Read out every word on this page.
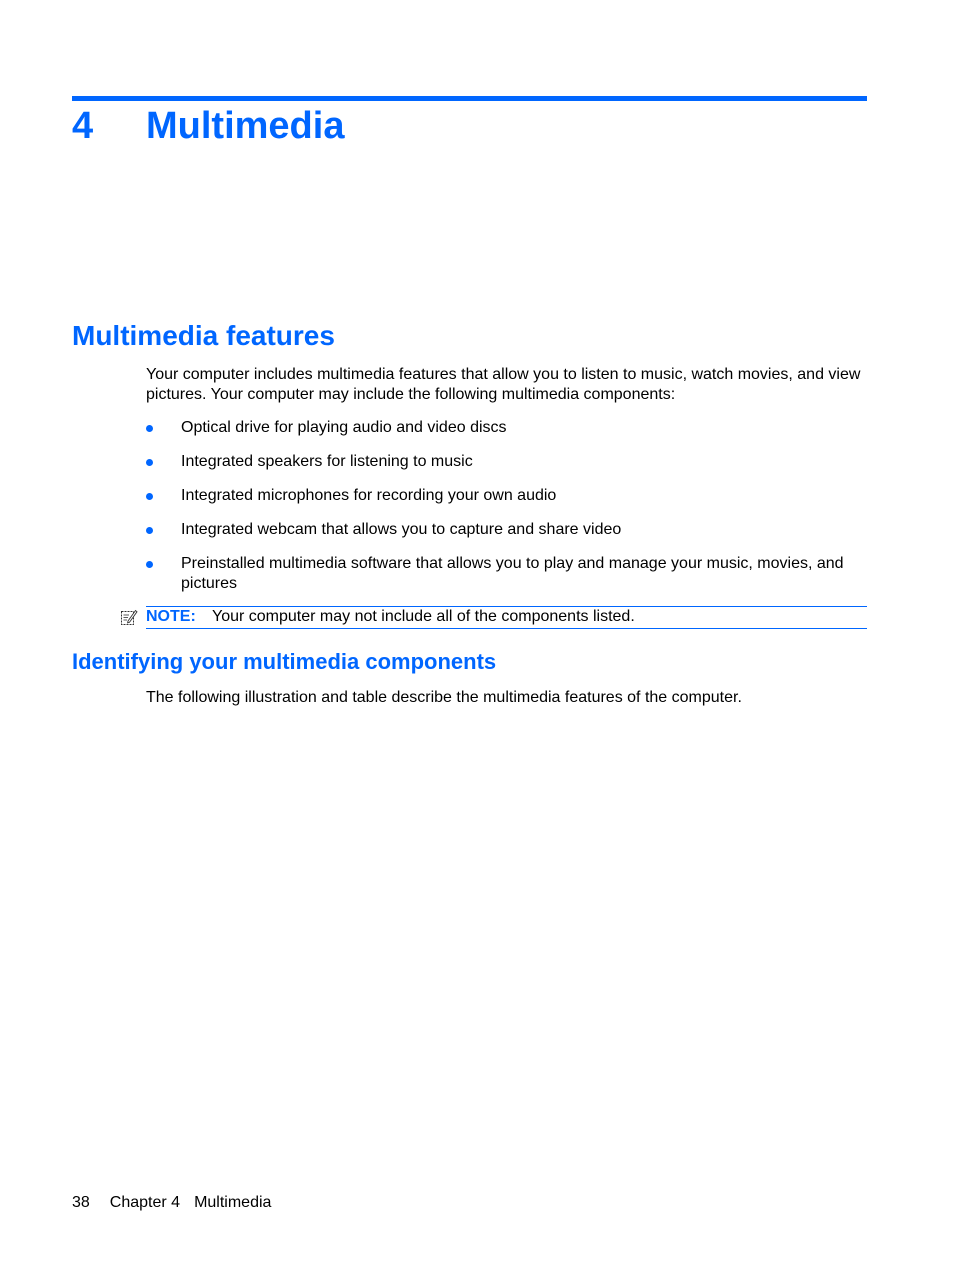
4 Multimedia
Multimedia features

Your computer includes multimedia features that allow you to listen to music, watch movies, and view pictures. Your computer may include the following multimedia components:

Optical drive for playing audio and video discs
Integrated speakers for listening to music
Integrated microphones for recording your own audio
Integrated webcam that allows you to capture and share video
Preinstalled multimedia software that allows you to play and manage your music, movies, and pictures
NOTE: Your computer may not include all of the components listed.
Identifying your multimedia components

The following illustration and table describe the multimedia features of the computer.

38 Chapter 4 Multimedia
